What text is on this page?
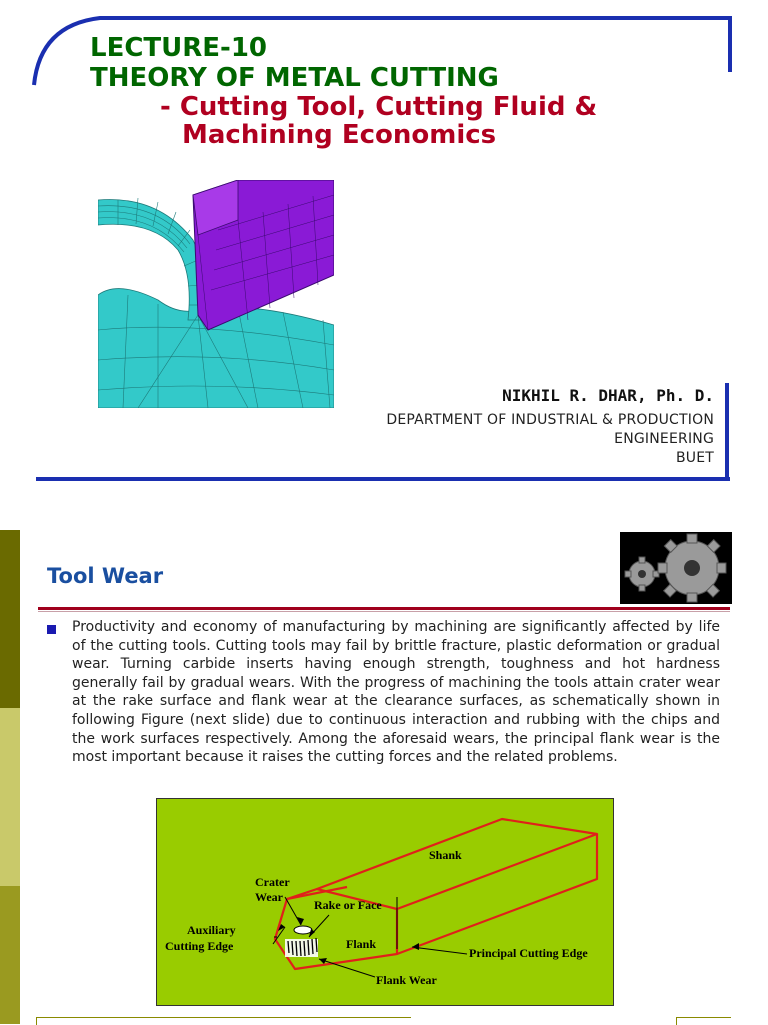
LECTURE-10
THEORY OF METAL CUTTING
- Cutting Tool, Cutting Fluid &
Machining Economics
NIKHIL R. DHAR, Ph. D.
DEPARTMENT OF INDUSTRIAL & PRODUCTION
ENGINEERING
BUET
Tool Wear
Productivity and economy of manufacturing by machining are significantly affected by life of the cutting tools. Cutting tools may fail by brittle fracture, plastic deformation or gradual wear. Turning carbide inserts having enough strength, toughness and hot hardness generally fail by gradual wears. With the progress of machining the tools attain crater wear at the rake surface and flank wear at the clearance surfaces, as schematically shown in following Figure (next slide) due to continuous interaction and rubbing with the chips and the work surfaces respectively. Among the aforesaid wears, the principal flank wear is the most important because it raises the cutting forces and the related problems.
Shank
Crater
Wear
Rake or Face
Auxiliary
Cutting Edge	Flank
Principal Cutting Edge
Flank Wear
